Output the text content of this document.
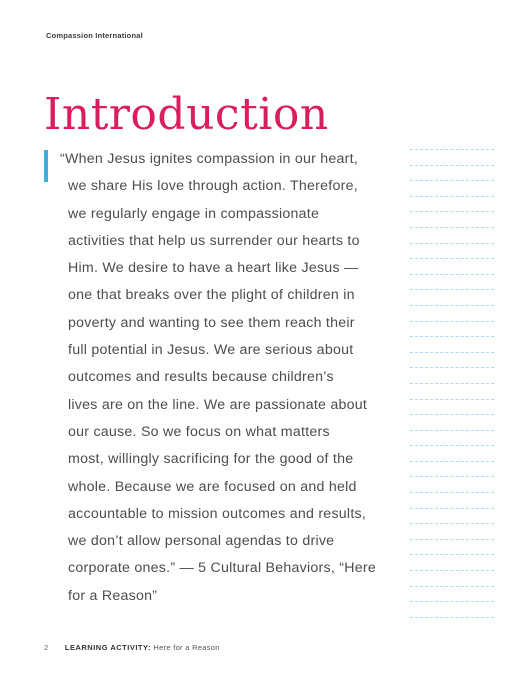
Compassion International
Introduction
“When Jesus ignites compassion in our heart,
we share His love through action. Therefore,
we regularly engage in compassionate
activities that help us surrender our hearts to
Him. We desire to have a heart like Jesus —
one that breaks over the plight of children in
poverty and wanting to see them reach their
full potential in Jesus. We are serious about
outcomes and results because children’s
lives are on the line. We are passionate about
our cause. So we focus on what matters
most, willingly sacrificing for the good of the
whole. Because we are focused on and held
accountable to mission outcomes and results,
we don’t allow personal agendas to drive
corporate ones.” — 5 Cultural Behaviors, “Here
for a Reason”
2 LEARNING ACTIVITY: Here for a Reason
